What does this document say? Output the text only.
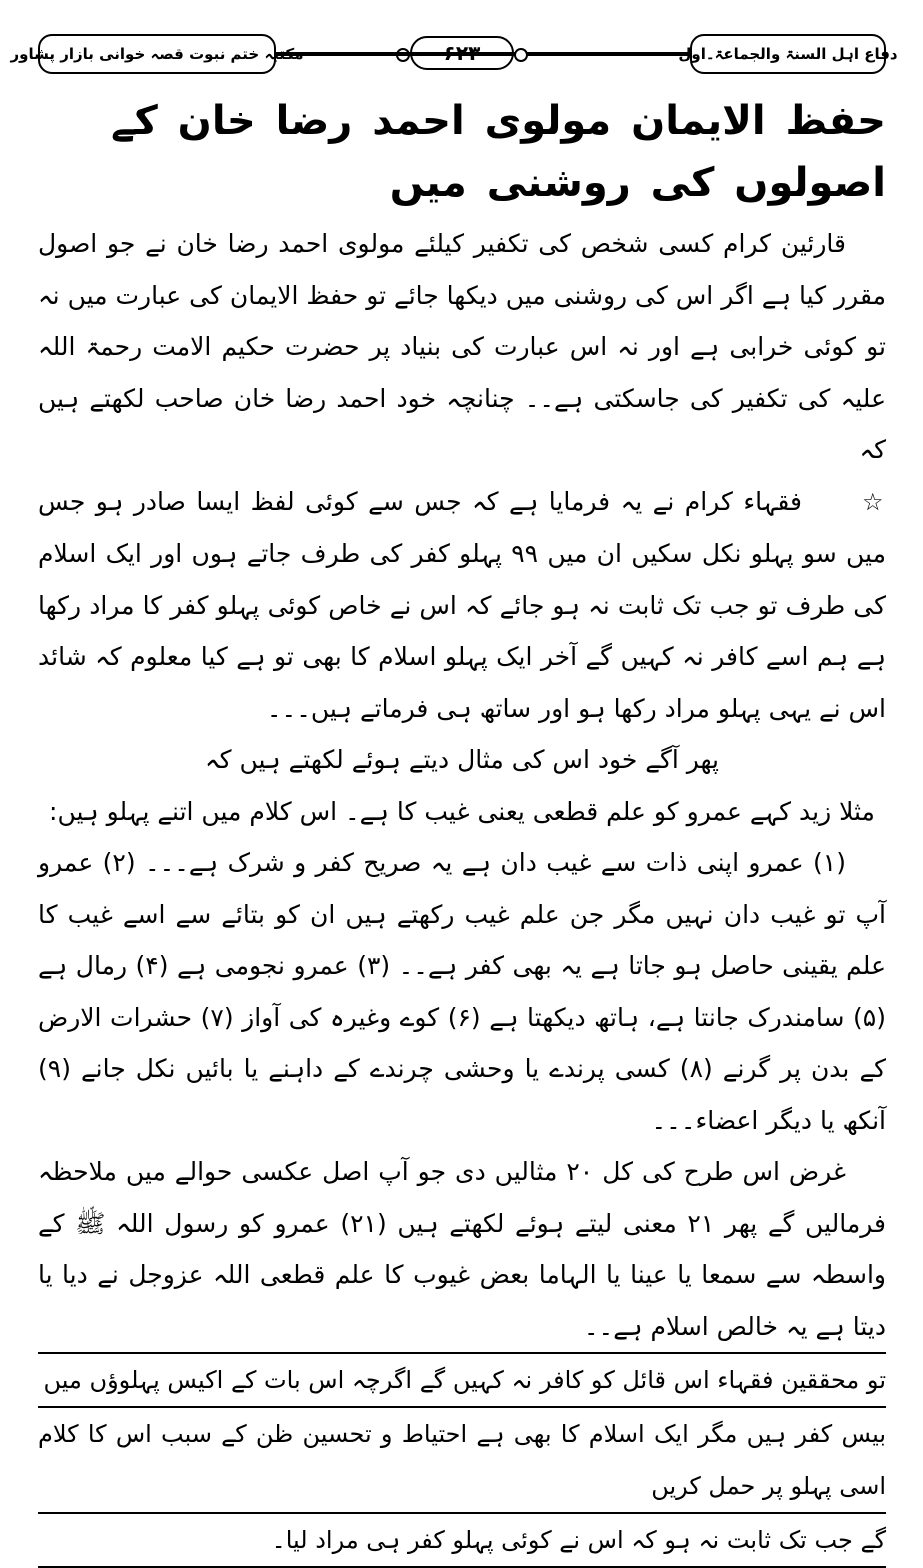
دفاع اہل السنۃ والجماعۃ۔اول
۶۲۳
مکتبہ ختم نبوت قصہ خوانی بازار پشاور
حفظ الایمان مولوی احمد رضا خان کے اصولوں کی روشنی میں

قارئین کرام کسی شخص کی تکفیر کیلئے مولوی احمد رضا خان نے جو اصول مقرر کیا ہے اگر اس کی روشنی میں دیکھا جائے تو حفظ الایمان کی عبارت میں نہ تو کوئی خرابی ہے اور نہ اس عبارت کی بنیاد پر حضرت حکیم الامت رحمۃ اللہ علیہ کی تکفیر کی جاسکتی ہے۔۔ چنانچہ خود احمد رضا خان صاحب لکھتے ہیں کہ

☆فقہاء کرام نے یہ فرمایا ہے کہ جس سے کوئی لفظ ایسا صادر ہو جس میں سو پہلو نکل سکیں ان میں ۹۹ پہلو کفر کی طرف جاتے ہوں اور ایک اسلام کی طرف تو جب تک ثابت نہ ہو جائے کہ اس نے خاص کوئی پہلو کفر کا مراد رکھا ہے ہم اسے کافر نہ کہیں گے آخر ایک پہلو اسلام کا بھی تو ہے کیا معلوم کہ شائد اس نے یہی پہلو مراد رکھا ہو اور ساتھ ہی فرماتے ہیں۔۔۔

پھر آگے خود اس کی مثال دیتے ہوئے لکھتے ہیں کہ

مثلا زید کہے عمرو کو علم قطعی یعنی غیب کا ہے۔ اس کلام میں اتنے پہلو ہیں:

(۱) عمرو اپنی ذات سے غیب دان ہے یہ صریح کفر و شرک ہے۔۔۔ (۲) عمرو آپ تو غیب دان نہیں مگر جن علم غیب رکھتے ہیں ان کو بتائے سے اسے غیب کا علم یقینی حاصل ہو جاتا ہے یہ بھی کفر ہے۔۔ (۳) عمرو نجومی ہے (۴) رمال ہے (۵) سامندرک جانتا ہے، ہاتھ دیکھتا ہے (۶) کوے وغیرہ کی آواز (۷) حشرات الارض کے بدن پر گرنے (۸) کسی پرندے یا وحشی چرندے کے داہنے یا بائیں نکل جانے (۹) آنکھ یا دیگر اعضاء۔۔۔

غرض اس طرح کی کل ۲۰ مثالیں دی جو آپ اصل عکسی حوالے میں ملاحظہ فرمالیں گے پھر ۲۱ معنی لیتے ہوئے لکھتے ہیں (۲۱) عمرو کو رسول اللہ ﷺ کے واسطہ سے سمعا یا عینا یا الہاما بعض غیوب کا علم قطعی اللہ عزوجل نے دیا یا دیتا ہے یہ خالص اسلام ہے۔۔

تو محققین فقہاء اس قائل کو کافر نہ کہیں گے اگرچہ اس بات کے اکیس پہلوؤں میں
بیس کفر ہیں مگر ایک اسلام کا بھی ہے احتیاط و تحسین ظن کے سبب اس کا کلام اسی پہلو پر حمل کریں
گے جب تک ثابت نہ ہو کہ اس نے کوئی پہلو کفر ہی مراد لیا۔
